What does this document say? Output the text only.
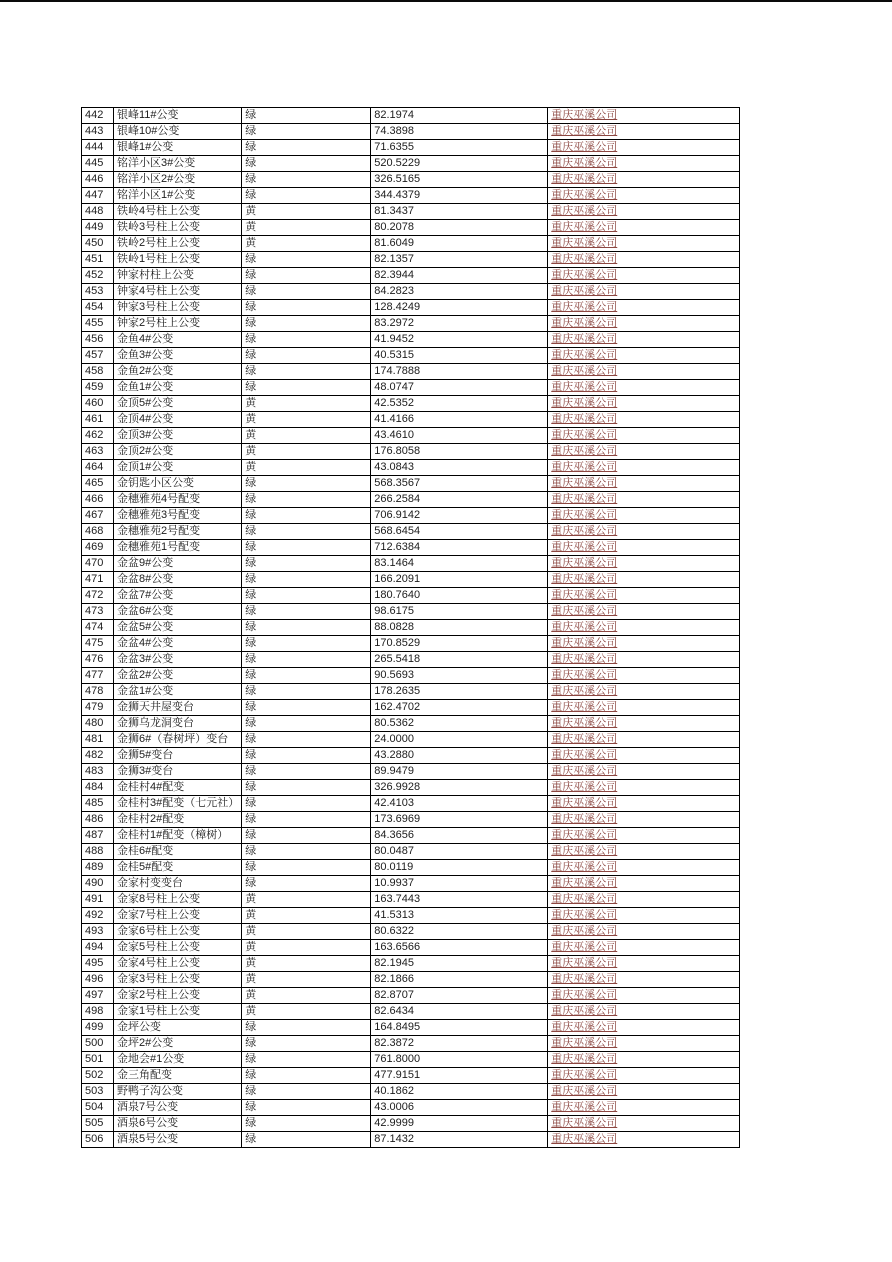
442	银峰11#公变	绿	82.1974	重庆巫溪公司
443	银峰10#公变	绿	74.3898	重庆巫溪公司
444	银峰1#公变	绿	71.6355	重庆巫溪公司
445	铭洋小区3#公变	绿	520.5229	重庆巫溪公司
446	铭洋小区2#公变	绿	326.5165	重庆巫溪公司
447	铭洋小区1#公变	绿	344.4379	重庆巫溪公司
448	铁岭4号柱上公变	黄	81.3437	重庆巫溪公司
449	铁岭3号柱上公变	黄	80.2078	重庆巫溪公司
450	铁岭2号柱上公变	黄	81.6049	重庆巫溪公司
451	铁岭1号柱上公变	绿	82.1357	重庆巫溪公司
452	钟家村柱上公变	绿	82.3944	重庆巫溪公司
453	钟家4号柱上公变	绿	84.2823	重庆巫溪公司
454	钟家3号柱上公变	绿	128.4249	重庆巫溪公司
455	钟家2号柱上公变	绿	83.2972	重庆巫溪公司
456	金鱼4#公变	绿	41.9452	重庆巫溪公司
457	金鱼3#公变	绿	40.5315	重庆巫溪公司
458	金鱼2#公变	绿	174.7888	重庆巫溪公司
459	金鱼1#公变	绿	48.0747	重庆巫溪公司
460	金顶5#公变	黄	42.5352	重庆巫溪公司
461	金顶4#公变	黄	41.4166	重庆巫溪公司
462	金顶3#公变	黄	43.4610	重庆巫溪公司
463	金顶2#公变	黄	176.8058	重庆巫溪公司
464	金顶1#公变	黄	43.0843	重庆巫溪公司
465	金钥匙小区公变	绿	568.3567	重庆巫溪公司
466	金穗雅苑4号配变	绿	266.2584	重庆巫溪公司
467	金穗雅苑3号配变	绿	706.9142	重庆巫溪公司
468	金穗雅苑2号配变	绿	568.6454	重庆巫溪公司
469	金穗雅苑1号配变	绿	712.6384	重庆巫溪公司
470	金盆9#公变	绿	83.1464	重庆巫溪公司
471	金盆8#公变	绿	166.2091	重庆巫溪公司
472	金盆7#公变	绿	180.7640	重庆巫溪公司
473	金盆6#公变	绿	98.6175	重庆巫溪公司
474	金盆5#公变	绿	88.0828	重庆巫溪公司
475	金盆4#公变	绿	170.8529	重庆巫溪公司
476	金盆3#公变	绿	265.5418	重庆巫溪公司
477	金盆2#公变	绿	90.5693	重庆巫溪公司
478	金盆1#公变	绿	178.2635	重庆巫溪公司
479	金狮天井屋变台	绿	162.4702	重庆巫溪公司
480	金狮乌龙洞变台	绿	80.5362	重庆巫溪公司
481	金狮6#（春树坪）变台	绿	24.0000	重庆巫溪公司
482	金狮5#变台	绿	43.2880	重庆巫溪公司
483	金狮3#变台	绿	89.9479	重庆巫溪公司
484	金桂村4#配变	绿	326.9928	重庆巫溪公司
485	金桂村3#配变（七元社）	绿	42.4103	重庆巫溪公司
486	金桂村2#配变	绿	173.6969	重庆巫溪公司
487	金桂村1#配变（樟树）	绿	84.3656	重庆巫溪公司
488	金桂6#配变	绿	80.0487	重庆巫溪公司
489	金桂5#配变	绿	80.0119	重庆巫溪公司
490	金家村变变台	绿	10.9937	重庆巫溪公司
491	金家8号柱上公变	黄	163.7443	重庆巫溪公司
492	金家7号柱上公变	黄	41.5313	重庆巫溪公司
493	金家6号柱上公变	黄	80.6322	重庆巫溪公司
494	金家5号柱上公变	黄	163.6566	重庆巫溪公司
495	金家4号柱上公变	黄	82.1945	重庆巫溪公司
496	金家3号柱上公变	黄	82.1866	重庆巫溪公司
497	金家2号柱上公变	黄	82.8707	重庆巫溪公司
498	金家1号柱上公变	黄	82.6434	重庆巫溪公司
499	金坪公变	绿	164.8495	重庆巫溪公司
500	金坪2#公变	绿	82.3872	重庆巫溪公司
501	金地会#1公变	绿	761.8000	重庆巫溪公司
502	金三角配变	绿	477.9151	重庆巫溪公司
503	野鸭子沟公变	绿	40.1862	重庆巫溪公司
504	酒泉7号公变	绿	43.0006	重庆巫溪公司
505	酒泉6号公变	绿	42.9999	重庆巫溪公司
506	酒泉5号公变	绿	87.1432	重庆巫溪公司
